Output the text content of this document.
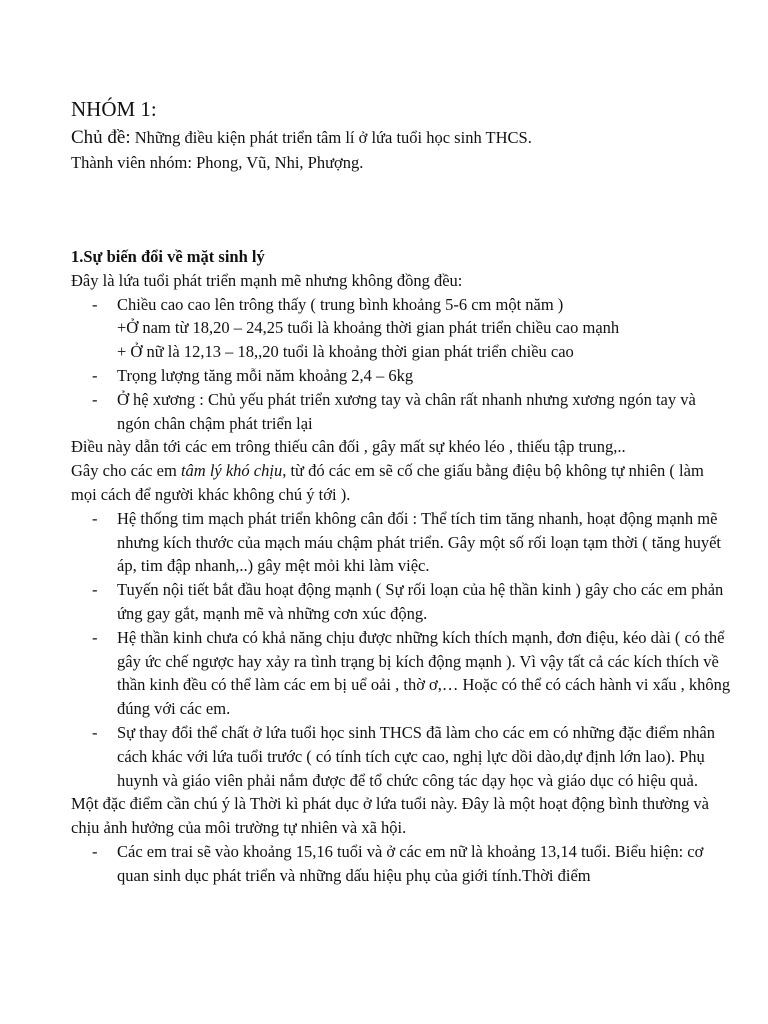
NHÓM 1:
Chủ đề: Những điều kiện phát triển tâm lí ở lứa tuổi học sinh THCS.
Thành viên nhóm: Phong, Vũ, Nhi, Phượng.

1.Sự biến đổi về mặt sinh lý

Đây là lứa tuổi phát triển mạnh mẽ nhưng không đồng đều:

- Chiều cao cao lên trông thấy ( trung bình khoảng 5-6 cm một năm )

+Ở nam từ 18,20 – 24,25 tuổi là khoảng thời gian phát triển chiều cao mạnh

+ Ở nữ là 12,13 – 18,,20 tuổi là khoảng thời gian phát triển chiều cao

- Trọng lượng tăng mỗi năm khoảng 2,4 – 6kg
- Ở hệ xương : Chủ yếu phát triển xương tay và chân rất nhanh nhưng xương ngón tay và ngón chân chậm phát triển lại

Điều này dẫn tới các em trông thiếu cân đối , gây mất sự khéo léo , thiếu tập trung,..

Gây cho các em tâm lý khó chịu, từ đó các em sẽ cố che giấu bằng điệu bộ không tự nhiên ( làm mọi cách để người khác không chú ý tới ).

- Hệ thống tim mạch phát triển không cân đối : Thể tích tim tăng nhanh, hoạt động mạnh mẽ nhưng kích thước của mạch máu chậm phát triển. Gây một số rối loạn tạm thời ( tăng huyết áp, tim đập nhanh,..) gây mệt mỏi khi làm việc.
- Tuyến nội tiết bắt đầu hoạt động mạnh ( Sự rối loạn của hệ thần kinh ) gây cho các em phản ứng gay gắt, mạnh mẽ và những cơn xúc động.
- Hệ thần kinh chưa có khả năng chịu được những kích thích mạnh, đơn điệu, kéo dài ( có thể gây ức chế ngược hay xảy ra tình trạng bị kích động mạnh ). Vì vậy tất cả các kích thích về thần kinh đều có thể làm các em bị uể oải , thờ ơ,… Hoặc có thể có cách hành vi xấu , không đúng với các em.
- Sự thay đổi thể chất ở lứa tuổi học sinh THCS đã làm cho các em có những đặc điểm nhân cách khác với lứa tuổi trước ( có tính tích cực cao, nghị lực dồi dào,dự định lớn lao). Phụ huynh và giáo viên phải nắm được để tổ chức công tác dạy học và giáo dục có hiệu quả.

Một đặc điểm cần chú ý là Thời kì phát dục ở lứa tuổi này. Đây là một hoạt động bình thường và chịu ảnh hưởng của môi trường tự nhiên và xã hội.

- Các em trai sẽ vào khoảng 15,16 tuổi và ở các em nữ là khoảng 13,14 tuổi. Biểu hiện: cơ quan sinh dục phát triển và những dấu hiệu phụ của giới tính.Thời điểm
